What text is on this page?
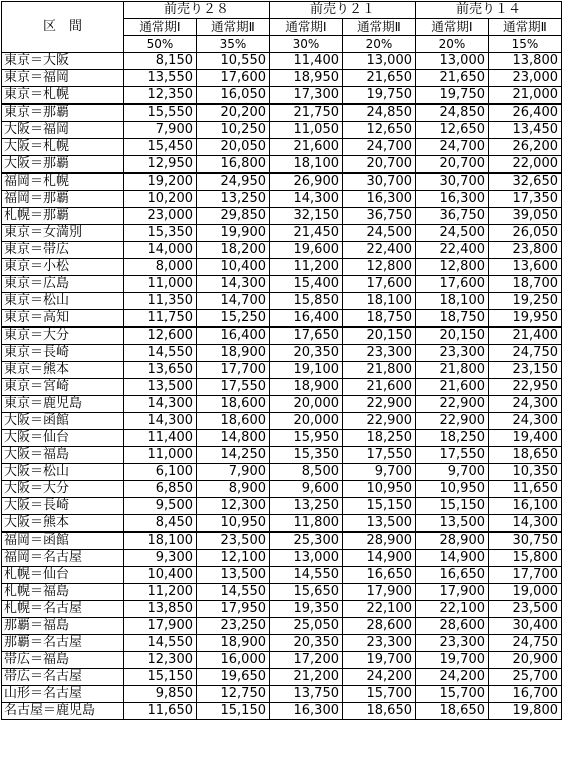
区　間	前売り２８		前売り２１		前売り１４	
	通常期Ⅰ	通常期Ⅱ	通常期Ⅰ	通常期Ⅱ	通常期Ⅰ	通常期Ⅱ
	50%	35%	30%	20%	20%	15%
東京＝大阪	8,150	10,550	11,400	13,000	13,000	13,800
東京＝福岡	13,550	17,600	18,950	21,650	21,650	23,000
東京＝札幌	12,350	16,050	17,300	19,750	19,750	21,000
東京＝那覇	15,550	20,200	21,750	24,850	24,850	26,400
大阪＝福岡	7,900	10,250	11,050	12,650	12,650	13,450
大阪＝札幌	15,450	20,050	21,600	24,700	24,700	26,200
大阪＝那覇	12,950	16,800	18,100	20,700	20,700	22,000
福岡＝札幌	19,200	24,950	26,900	30,700	30,700	32,650
福岡＝那覇	10,200	13,250	14,300	16,300	16,300	17,350
札幌＝那覇	23,000	29,850	32,150	36,750	36,750	39,050
東京＝女満別	15,350	19,900	21,450	24,500	24,500	26,050
東京＝帯広	14,000	18,200	19,600	22,400	22,400	23,800
東京＝小松	8,000	10,400	11,200	12,800	12,800	13,600
東京＝広島	11,000	14,300	15,400	17,600	17,600	18,700
東京＝松山	11,350	14,700	15,850	18,100	18,100	19,250
東京＝高知	11,750	15,250	16,400	18,750	18,750	19,950
東京＝大分	12,600	16,400	17,650	20,150	20,150	21,400
東京＝長崎	14,550	18,900	20,350	23,300	23,300	24,750
東京＝熊本	13,650	17,700	19,100	21,800	21,800	23,150
東京＝宮崎	13,500	17,550	18,900	21,600	21,600	22,950
東京＝鹿児島	14,300	18,600	20,000	22,900	22,900	24,300
大阪＝函館	14,300	18,600	20,000	22,900	22,900	24,300
大阪＝仙台	11,400	14,800	15,950	18,250	18,250	19,400
大阪＝福島	11,000	14,250	15,350	17,550	17,550	18,650
大阪＝松山	6,100	7,900	8,500	9,700	9,700	10,350
大阪＝大分	6,850	8,900	9,600	10,950	10,950	11,650
大阪＝長崎	9,500	12,300	13,250	15,150	15,150	16,100
大阪＝熊本	8,450	10,950	11,800	13,500	13,500	14,300
福岡＝函館	18,100	23,500	25,300	28,900	28,900	30,750
福岡＝名古屋	9,300	12,100	13,000	14,900	14,900	15,800
札幌＝仙台	10,400	13,500	14,550	16,650	16,650	17,700
札幌＝福島	11,200	14,550	15,650	17,900	17,900	19,000
札幌＝名古屋	13,850	17,950	19,350	22,100	22,100	23,500
那覇＝福島	17,900	23,250	25,050	28,600	28,600	30,400
那覇＝名古屋	14,550	18,900	20,350	23,300	23,300	24,750
帯広＝福島	12,300	16,000	17,200	19,700	19,700	20,900
帯広＝名古屋	15,150	19,650	21,200	24,200	24,200	25,700
山形＝名古屋	9,850	12,750	13,750	15,700	15,700	16,700
名古屋＝鹿児島	11,650	15,150	16,300	18,650	18,650	19,800
